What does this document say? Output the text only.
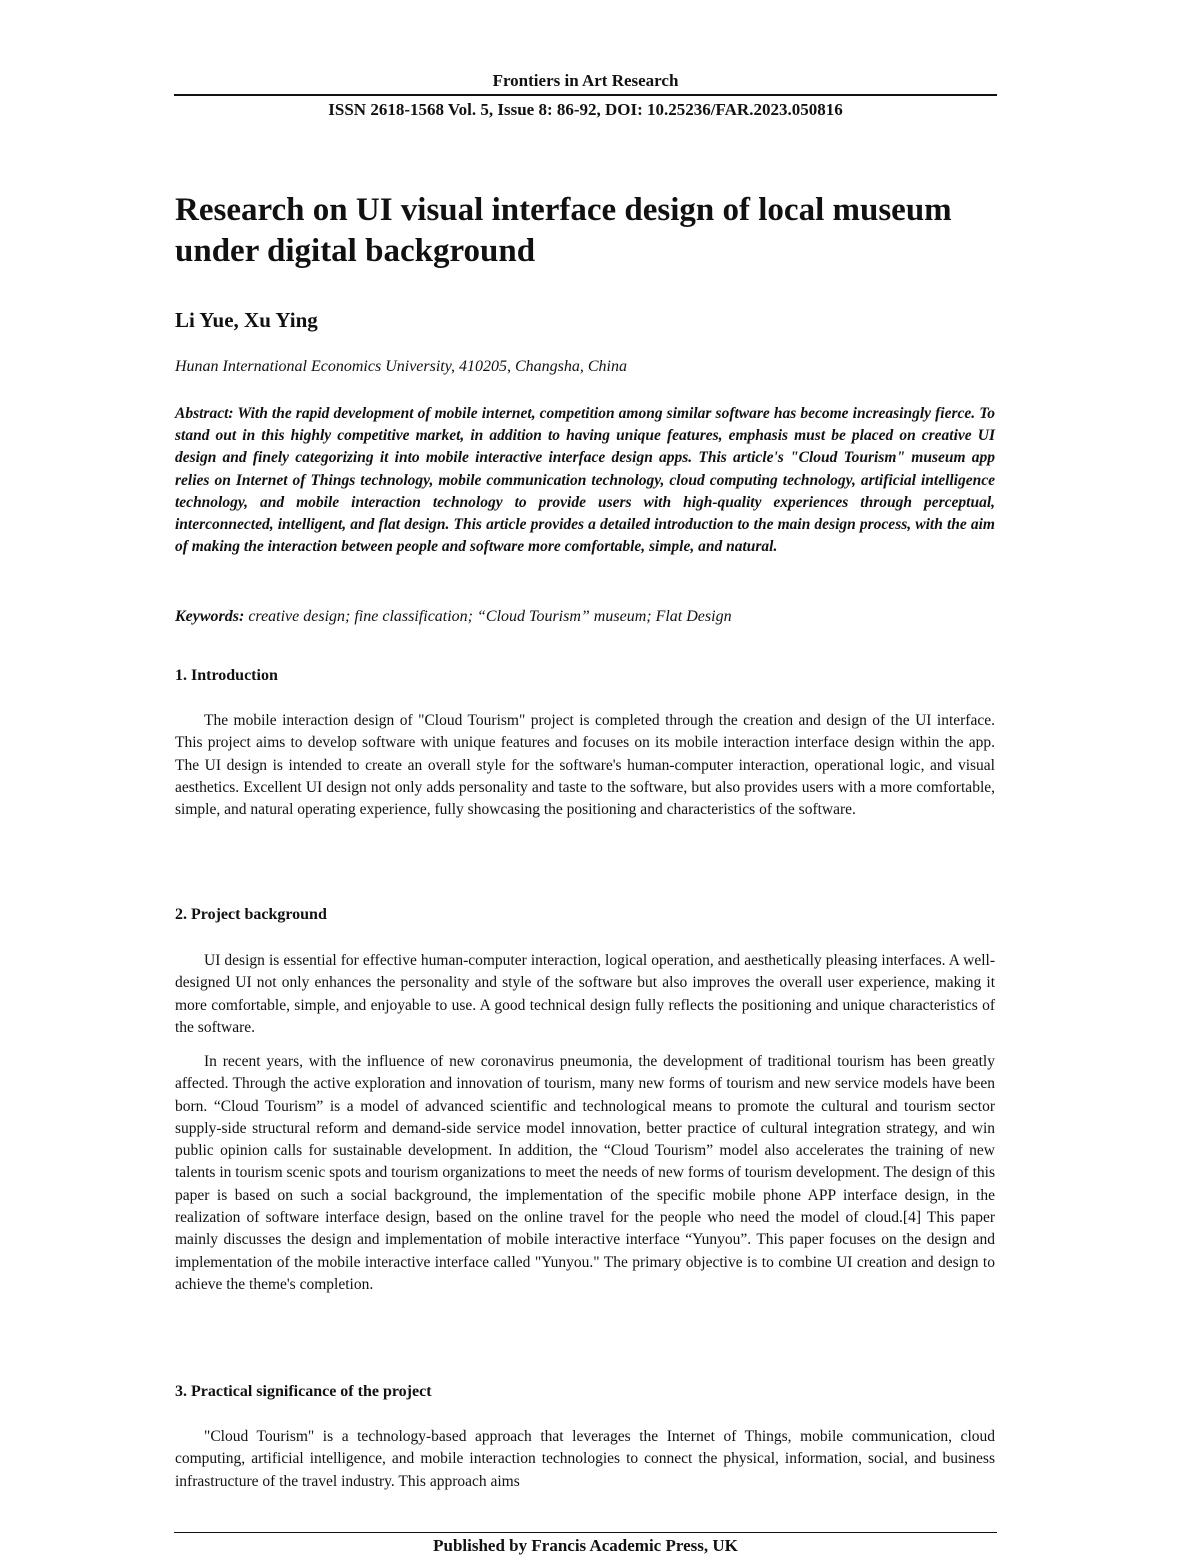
Frontiers in Art Research
ISSN 2618-1568 Vol. 5, Issue 8: 86-92, DOI: 10.25236/FAR.2023.050816
Research on UI visual interface design of local museum under digital background

Li Yue, Xu Ying

Hunan International Economics University, 410205, Changsha, China

Abstract: With the rapid development of mobile internet, competition among similar software has become increasingly fierce. To stand out in this highly competitive market, in addition to having unique features, emphasis must be placed on creative UI design and finely categorizing it into mobile interactive interface design apps. This article's "Cloud Tourism" museum app relies on Internet of Things technology, mobile communication technology, cloud computing technology, artificial intelligence technology, and mobile interaction technology to provide users with high-quality experiences through perceptual, interconnected, intelligent, and flat design. This article provides a detailed introduction to the main design process, with the aim of making the interaction between people and software more comfortable, simple, and natural.

Keywords: creative design; fine classification; “Cloud Tourism” museum; Flat Design

1. Introduction

The mobile interaction design of "Cloud Tourism" project is completed through the creation and design of the UI interface. This project aims to develop software with unique features and focuses on its mobile interaction interface design within the app. The UI design is intended to create an overall style for the software's human-computer interaction, operational logic, and visual aesthetics. Excellent UI design not only adds personality and taste to the software, but also provides users with a more comfortable, simple, and natural operating experience, fully showcasing the positioning and characteristics of the software.

2. Project background

UI design is essential for effective human-computer interaction, logical operation, and aesthetically pleasing interfaces. A well-designed UI not only enhances the personality and style of the software but also improves the overall user experience, making it more comfortable, simple, and enjoyable to use. A good technical design fully reflects the positioning and unique characteristics of the software.

In recent years, with the influence of new coronavirus pneumonia, the development of traditional tourism has been greatly affected. Through the active exploration and innovation of tourism, many new forms of tourism and new service models have been born. “Cloud Tourism” is a model of advanced scientific and technological means to promote the cultural and tourism sector supply-side structural reform and demand-side service model innovation, better practice of cultural integration strategy, and win public opinion calls for sustainable development. In addition, the “Cloud Tourism” model also accelerates the training of new talents in tourism scenic spots and tourism organizations to meet the needs of new forms of tourism development. The design of this paper is based on such a social background, the implementation of the specific mobile phone APP interface design, in the realization of software interface design, based on the online travel for the people who need the model of cloud.[4] This paper mainly discusses the design and implementation of mobile interactive interface “Yunyou”. This paper focuses on the design and implementation of the mobile interactive interface called "Yunyou." The primary objective is to combine UI creation and design to achieve the theme's completion.

3. Practical significance of the project

"Cloud Tourism" is a technology-based approach that leverages the Internet of Things, mobile communication, cloud computing, artificial intelligence, and mobile interaction technologies to connect the physical, information, social, and business infrastructure of the travel industry. This approach aims

Published by Francis Academic Press, UK
